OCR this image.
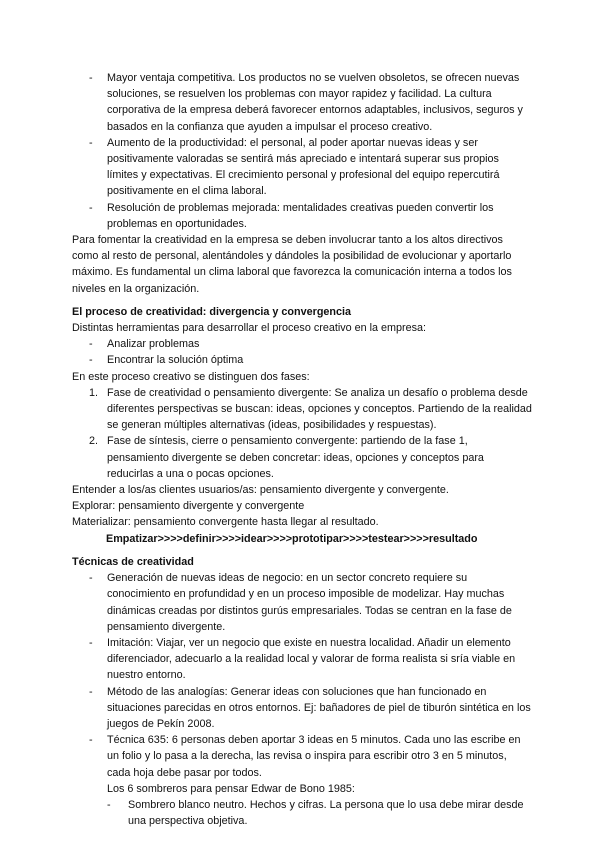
- Mayor ventaja competitiva. Los productos no se vuelven obsoletos, se ofrecen nuevas soluciones, se resuelven los problemas con mayor rapidez y facilidad. La cultura corporativa de la empresa deberá favorecer entornos adaptables, inclusivos, seguros y basados en la confianza que ayuden a impulsar el proceso creativo.
- Aumento de la productividad: el personal, al poder aportar nuevas ideas y ser positivamente valoradas se sentirá más apreciado e intentará superar sus propios límites y expectativas. El crecimiento personal y profesional del equipo repercutirá positivamente en el clima laboral.
- Resolución de problemas mejorada: mentalidades creativas pueden convertir los problemas en oportunidades.

Para fomentar la creatividad en la empresa se deben involucrar tanto a los altos directivos como al resto de personal, alentándoles y dándoles la posibilidad de evolucionar y aportarlo máximo. Es fundamental un clima laboral que favorezca la comunicación interna a todos los niveles en la organización.

El proceso de creatividad: divergencia y convergencia

Distintas herramientas para desarrollar el proceso creativo en la empresa:

- Analizar problemas
- Encontrar la solución óptima

En este proceso creativo se distinguen dos fases:

1. Fase de creatividad o pensamiento divergente: Se analiza un desafío o problema desde diferentes perspectivas se buscan: ideas, opciones y conceptos. Partiendo de la realidad se generan múltiples alternativas (ideas, posibilidades y respuestas).
2. Fase de síntesis, cierre o pensamiento convergente: partiendo de la fase 1, pensamiento divergente se deben concretar: ideas, opciones y conceptos para reducirlas a una o pocas opciones.

Entender a los/as clientes usuarios/as: pensamiento divergente y convergente.

Explorar: pensamiento divergente y convergente

Materializar: pensamiento convergente hasta llegar al resultado.

Empatizar>>>>definir>>>>idear>>>>prototipar>>>>testear>>>>resultado

Técnicas de creatividad
- Generación de nuevas ideas de negocio: en un sector concreto requiere su conocimiento en profundidad y en un proceso imposible de modelizar. Hay muchas dinámicas creadas por distintos gurús empresariales. Todas se centran en la fase de pensamiento divergente.
- Imitación: Viajar, ver un negocio que existe en nuestra localidad. Añadir un elemento diferenciador, adecuarlo a la realidad local y valorar de forma realista si sría viable en nuestro entorno.
- Método de las analogías: Generar ideas con soluciones que han funcionado en situaciones parecidas en otros entornos. Ej: bañadores de piel de tiburón sintética en los juegos de Pekín 2008.
- Técnica 635: 6 personas deben aportar 3 ideas en 5 minutos. Cada uno las escribe en un folio y lo pasa a la derecha, las revisa o inspira para escribir otro 3 en 5 minutos, cada hoja debe pasar por todos.

Los 6 sombreros para pensar Edwar de Bono 1985:

- Sombrero blanco neutro. Hechos y cifras. La persona que lo usa debe mirar desde una perspectiva objetiva.
